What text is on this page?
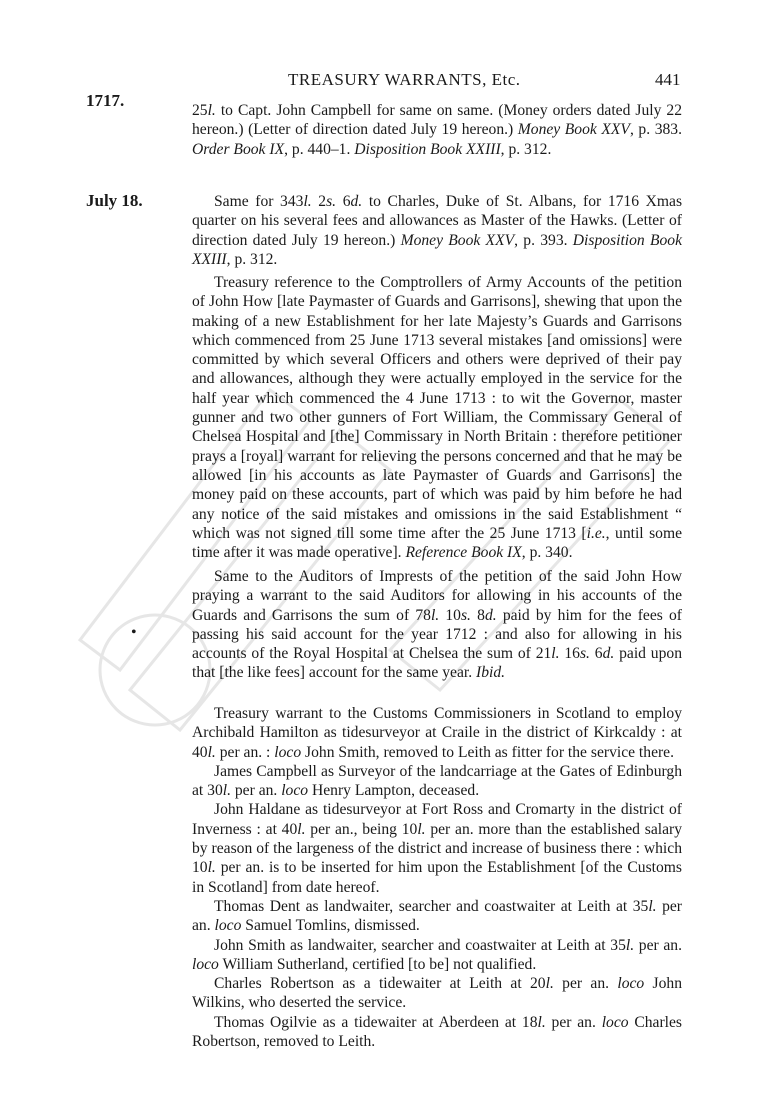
TREASURY WARRANTS, Etc.	441
1717.
July 18.
•

25l. to Capt. John Campbell for same on same. (Money orders dated July 22 hereon.) (Letter of direction dated July 19 hereon.) Money Book XXV, p. 383. Order Book IX, p. 440–1. Disposition Book XXIII, p. 312.

Same for 343l. 2s. 6d. to Charles, Duke of St. Albans, for 1716 Xmas quarter on his several fees and allowances as Master of the Hawks. (Letter of direction dated July 19 hereon.) Money Book XXV, p. 393. Disposition Book XXIII, p. 312.

Treasury reference to the Comptrollers of Army Accounts of the petition of John How [late Paymaster of Guards and Garrisons], shewing that upon the making of a new Establishment for her late Majesty’s Guards and Garrisons which commenced from 25 June 1713 several mistakes [and omissions] were committed by which several Officers and others were deprived of their pay and allowances, although they were actually employed in the service for the half year which commenced the 4 June 1713 : to wit the Governor, master gunner and two other gunners of Fort William, the Commissary General of Chelsea Hospital and [the] Commissary in North Britain : therefore petitioner prays a [royal] warrant for relieving the persons concerned and that he may be allowed [in his accounts as late Paymaster of Guards and Garrisons] the money paid on these accounts, part of which was paid by him before he had any notice of the said mistakes and omissions in the said Establishment “ which was not signed till some time after the 25 June 1713 [i.e., until some time after it was made operative]. Reference Book IX, p. 340.

Same to the Auditors of Imprests of the petition of the said John How praying a warrant to the said Auditors for allowing in his accounts of the Guards and Garrisons the sum of 78l. 10s. 8d. paid by him for the fees of passing his said account for the year 1712 : and also for allowing in his accounts of the Royal Hospital at Chelsea the sum of 21l. 16s. 6d. paid upon that [the like fees] account for the same year. Ibid.

Treasury warrant to the Customs Commissioners in Scotland to employ Archibald Hamilton as tidesurveyor at Craile in the district of Kirkcaldy : at 40l. per an. : loco John Smith, removed to Leith as fitter for the service there.

James Campbell as Surveyor of the landcarriage at the Gates of Edinburgh at 30l. per an. loco Henry Lampton, deceased.

John Haldane as tidesurveyor at Fort Ross and Cromarty in the district of Inverness : at 40l. per an., being 10l. per an. more than the established salary by reason of the largeness of the district and increase of business there : which 10l. per an. is to be inserted for him upon the Establishment [of the Customs in Scotland] from date hereof.

Thomas Dent as landwaiter, searcher and coastwaiter at Leith at 35l. per an. loco Samuel Tomlins, dismissed.

John Smith as landwaiter, searcher and coastwaiter at Leith at 35l. per an. loco William Sutherland, certified [to be] not qualified.

Charles Robertson as a tidewaiter at Leith at 20l. per an. loco John Wilkins, who deserted the service.

Thomas Ogilvie as a tidewaiter at Aberdeen at 18l. per an. loco Charles Robertson, removed to Leith.
